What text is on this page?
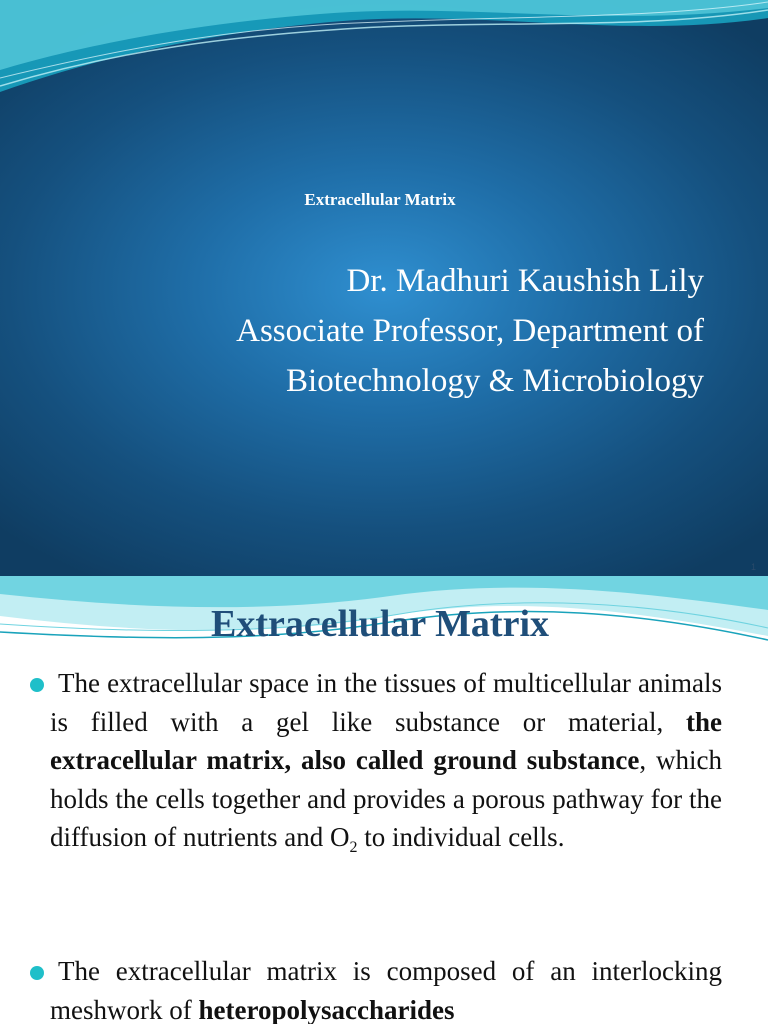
Extracellular Matrix
Dr. Madhuri Kaushish Lily
Associate Professor, Department of
Biotechnology & Microbiology
1
Extracellular Matrix
The extracellular space in the tissues of multicellular animals is filled with a gel like substance or material, the extracellular matrix, also called ground substance, which holds the cells together and provides a porous pathway for the diffusion of nutrients and $O_2$ to individual cells.
The extracellular matrix is composed of an interlocking meshwork of heteropolysaccharides
